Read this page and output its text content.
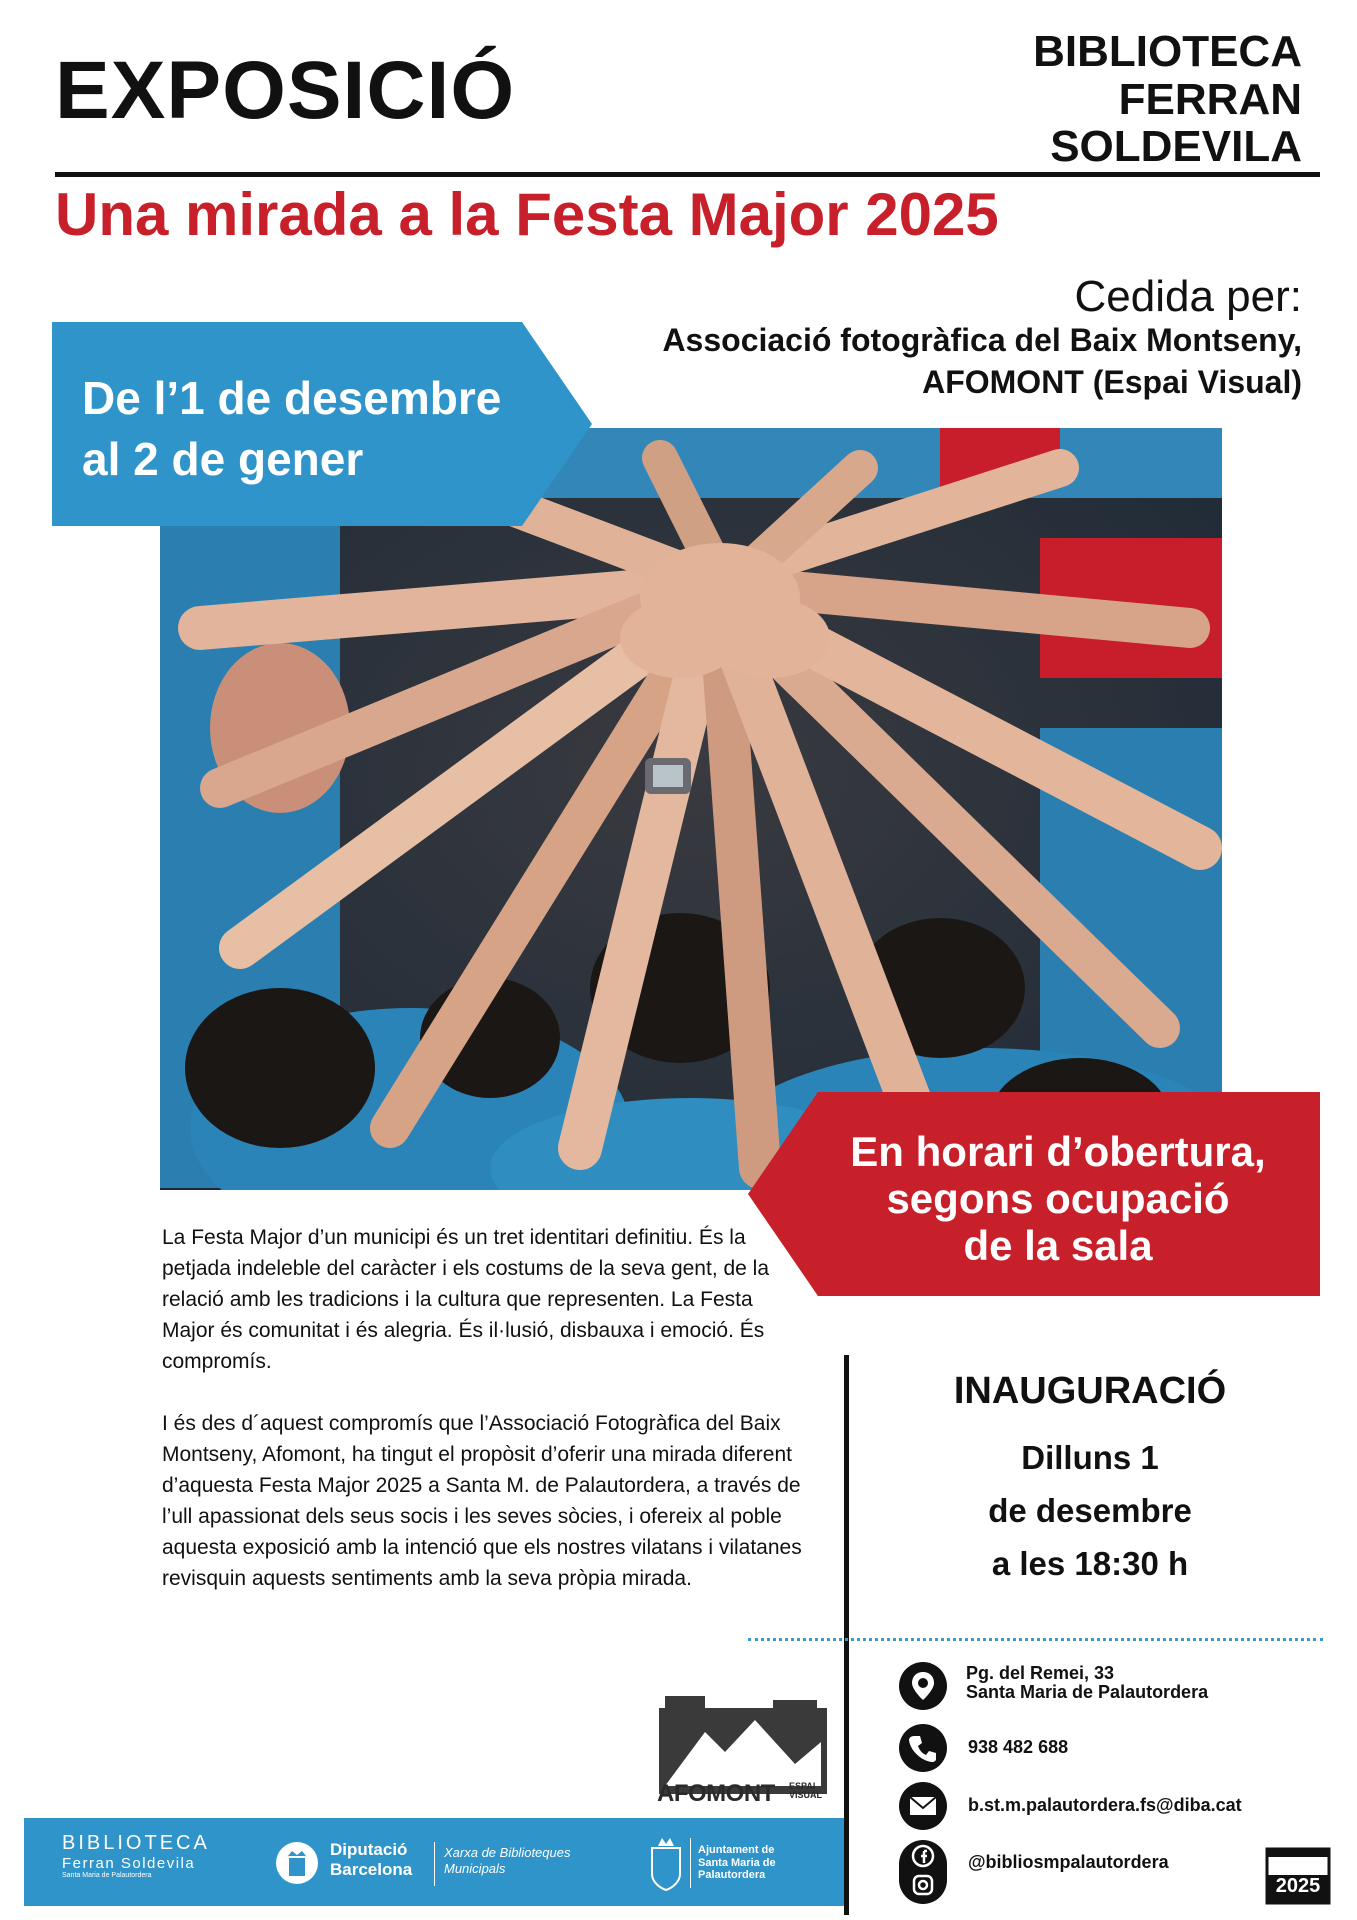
EXPOSICIÓ	BIBLIOTECA
FERRAN
SOLDEVILA
Una mirada a la Festa Major 2025
Cedida per:
Associació fotogràfica del Baix Montseny,
AFOMONT (Espai Visual)
De l’1 de desembre
al 2 de gener
En horari d’obertura,
segons ocupació
de la sala

La Festa Major d’un municipi és un tret identitari definitiu. És la petjada indeleble del caràcter i els costums de la seva gent, de la relació amb les tradicions i la cultura que representen. La Festa Major és comunitat i és alegria. És il·lusió, disbauxa i emoció. És compromís.

I és des d´aquest compromís que l’Associació Fotogràfica del Baix Montseny, Afomont, ha tingut el propòsit d’oferir una mirada diferent d’aquesta Festa Major 2025 a Santa M. de Palautordera, a través de l’ull apassionat dels seus socis i les seves sòcies, i ofereix al poble aquesta exposició amb la intenció que els nostres vilatans i vilatanes revisquin aquests sentiments amb la seva pròpia mirada.

INAUGURACIÓ
Dilluns 1
de desembre
a les 18:30 h
Pg. del Remei, 33
Santa Maria de Palautordera
938 482 688
b.st.m.palautordera.fs@diba.cat
@bibliosmpalautordera
AFOMONT ESPAI
VISUAL
BIBLIOTECA
Ferran Soldevila
Santa Maria de Palautordera
Diputació
Barcelona
Xarxa de Biblioteques
Municipals
Ajuntament de
Santa Maria de
Palautordera	2025
